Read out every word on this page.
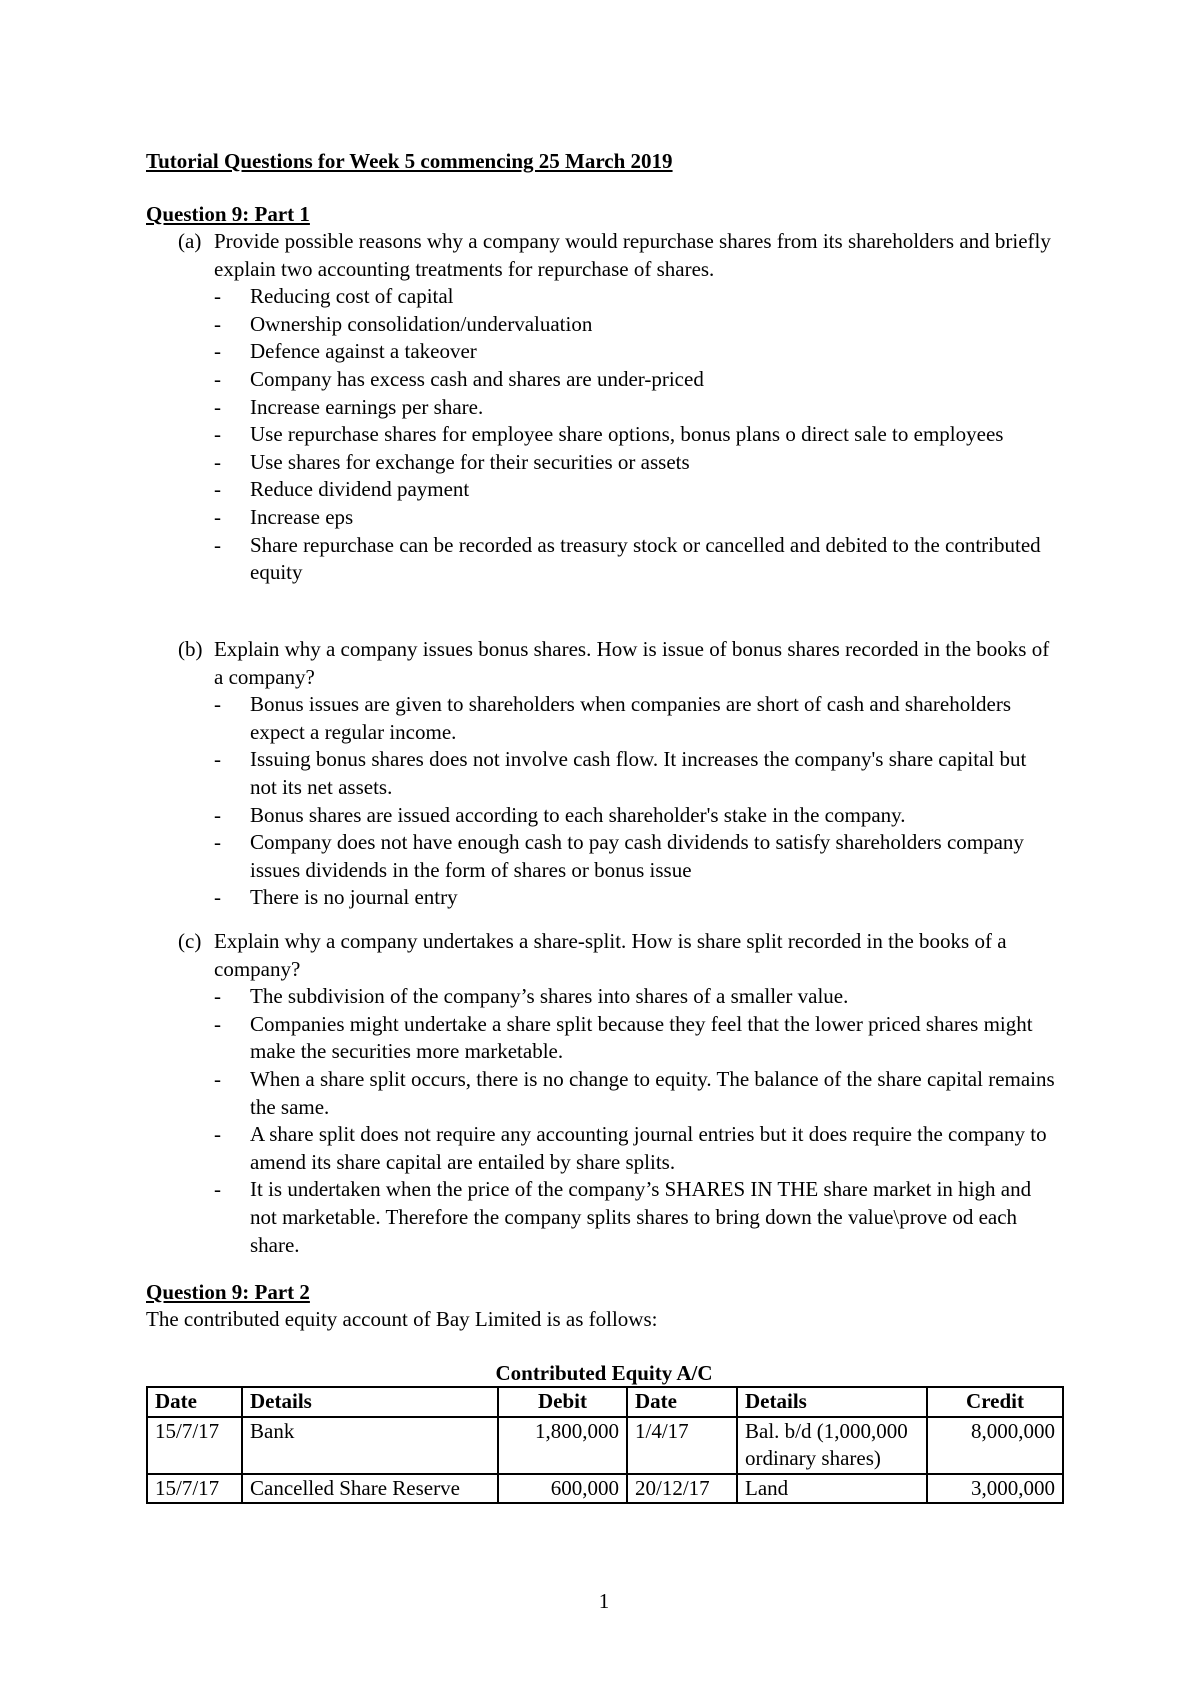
Tutorial Questions for Week 5 commencing 25 March 2019
Question 9: Part 1
(a) Provide possible reasons why a company would repurchase shares from its shareholders and briefly explain two accounting treatments for repurchase of shares.
- Reducing cost of capital
- Ownership consolidation/undervaluation
- Defence against a takeover
- Company has excess cash and shares are under-priced
- Increase earnings per share.
- Use repurchase shares for employee share options, bonus plans o direct sale to employees
- Use shares for exchange for their securities or assets
- Reduce dividend payment
- Increase eps
- Share repurchase can be recorded as treasury stock or cancelled and debited to the contributed equity
(b) Explain why a company issues bonus shares. How is issue of bonus shares recorded in the books of a company?
- Bonus issues are given to shareholders when companies are short of cash and shareholders expect a regular income.
- Issuing bonus shares does not involve cash flow. It increases the company's share capital but not its net assets.
- Bonus shares are issued according to each shareholder's stake in the company.
- Company does not have enough cash to pay cash dividends to satisfy shareholders company issues dividends in the form of shares or bonus issue
- There is no journal entry
(c) Explain why a company undertakes a share-split. How is share split recorded in the books of a company?
- The subdivision of the company’s shares into shares of a smaller value.
- Companies might undertake a share split because they feel that the lower priced shares might make the securities more marketable.
- When a share split occurs, there is no change to equity. The balance of the share capital remains the same.
- A share split does not require any accounting journal entries but it does require the company to amend its share capital are entailed by share splits.
- It is undertaken when the price of the company’s SHARES IN THE share market in high and not marketable. Therefore the company splits shares to bring down the value\prove od each share.
Question 9: Part 2
The contributed equity account of Bay Limited is as follows:
Contributed Equity A/C
Date	Details	Debit	Date	Details	Credit
15/7/17	Bank	1,800,000	1/4/17	Bal. b/d (1,000,000 ordinary shares)	8,000,000
15/7/17	Cancelled Share Reserve	600,000	20/12/17	Land	3,000,000
1
